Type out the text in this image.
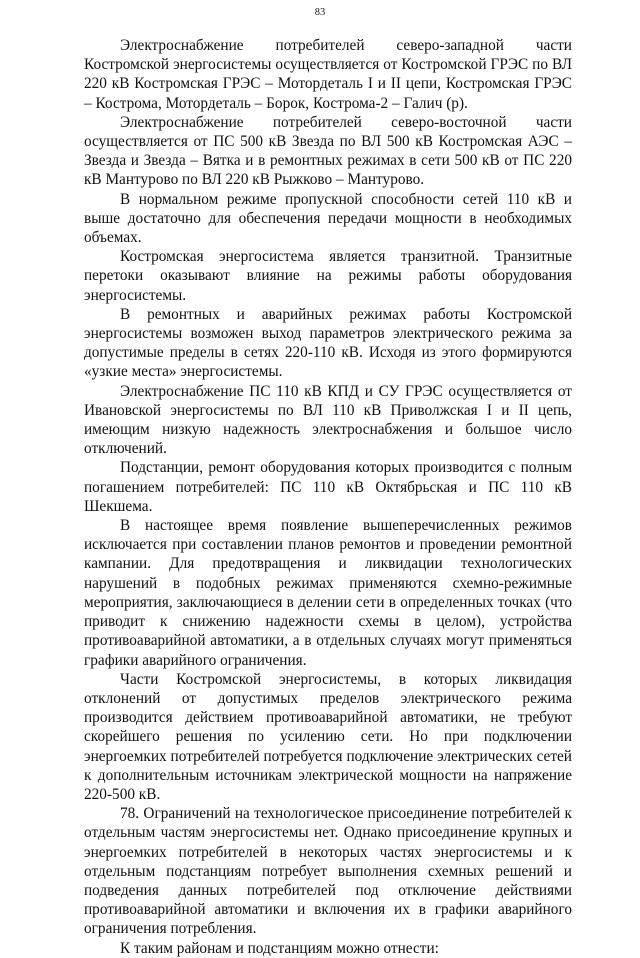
83

Электроснабжение потребителей северо-западной части Костромской энергосистемы осуществляется от Костромской ГРЭС по ВЛ 220 кВ Костромская ГРЭС – Мотордеталь I и II цепи, Костромская ГРЭС – Кострома, Мотордеталь – Борок, Кострома-2 – Галич (р).

Электроснабжение потребителей северо-восточной части осуществляется от ПС 500 кВ Звезда по ВЛ 500 кВ Костромская АЭС – Звезда и Звезда – Вятка и в ремонтных режимах в сети 500 кВ от ПС 220 кВ Мантурово по ВЛ 220 кВ Рыжково – Мантурово.

В нормальном режиме пропускной способности сетей 110 кВ и выше достаточно для обеспечения передачи мощности в необходимых объемах.

Костромская энергосистема является транзитной. Транзитные перетоки оказывают влияние на режимы работы оборудования энергосистемы.

В ремонтных и аварийных режимах работы Костромской энергосистемы возможен выход параметров электрического режима за допустимые пределы в сетях 220-110 кВ. Исходя из этого формируются «узкие места» энергосистемы.

Электроснабжение ПС 110 кВ КПД и СУ ГРЭС осуществляется от Ивановской энергосистемы по ВЛ 110 кВ Приволжская I и II цепь, имеющим низкую надежность электроснабжения и большое число отключений.

Подстанции, ремонт оборудования которых производится с полным погашением потребителей: ПС 110 кВ Октябрьская и ПС 110 кВ Шекшема.

В настоящее время появление вышеперечисленных режимов исключается при составлении планов ремонтов и проведении ремонтной кампании. Для предотвращения и ликвидации технологических нарушений в подобных режимах применяются схемно-режимные мероприятия, заключающиеся в делении сети в определенных точках (что приводит к снижению надежности схемы в целом), устройства противоаварийной автоматики, а в отдельных случаях могут применяться графики аварийного ограничения.

Части Костромской энергосистемы, в которых ликвидация отклонений от допустимых пределов электрического режима производится действием противоаварийной автоматики, не требуют скорейшего решения по усилению сети. Но при подключении энергоемких потребителей потребуется подключение электрических сетей к дополнительным источникам электрической мощности на напряжение 220-500 кВ.

78. Ограничений на технологическое присоединение потребителей к отдельным частям энергосистемы нет. Однако присоединение крупных и энергоемких потребителей в некоторых частях энергосистемы и к отдельным подстанциям потребует выполнения схемных решений и подведения данных потребителей под отключение действиями противоаварийной автоматики и включения их в графики аварийного ограничения потребления.

К таким районам и подстанциям можно отнести:
